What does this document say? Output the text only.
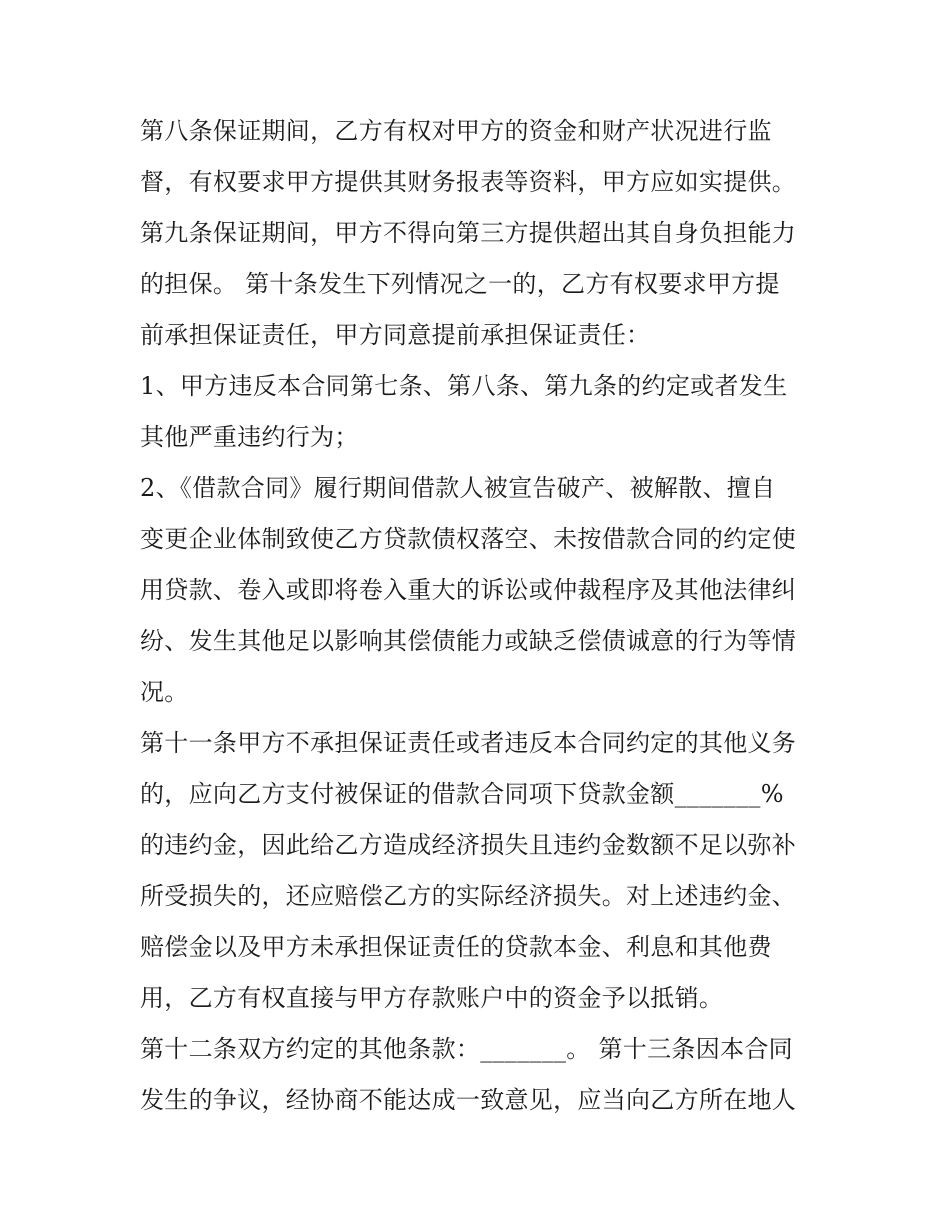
第八条保证期间，乙方有权对甲方的资金和财产状况进行监
督，有权要求甲方提供其财务报表等资料，甲方应如实提供。
第九条保证期间，甲方不得向第三方提供超出其自身负担能力
的担保。 第十条发生下列情况之一的，乙方有权要求甲方提
前承担保证责任，甲方同意提前承担保证责任：
1、甲方违反本合同第七条、第八条、第九条的约定或者发生
其他严重违约行为；
2、《借款合同》履行期间借款人被宣告破产、被解散、擅自
变更企业体制致使乙方贷款债权落空、未按借款合同的约定使
用贷款、卷入或即将卷入重大的诉讼或仲裁程序及其他法律纠
纷、发生其他足以影响其偿债能力或缺乏偿债诚意的行为等情
况。
第十一条甲方不承担保证责任或者违反本合同约定的其他义务
的，应向乙方支付被保证的借款合同项下贷款金额_______%
的违约金，因此给乙方造成经济损失且违约金数额不足以弥补
所受损失的，还应赔偿乙方的实际经济损失。对上述违约金、
赔偿金以及甲方未承担保证责任的贷款本金、利息和其他费
用，乙方有权直接与甲方存款账户中的资金予以抵销。
第十二条双方约定的其他条款：_______。 第十三条因本合同
发生的争议，经协商不能达成一致意见，应当向乙方所在地人
